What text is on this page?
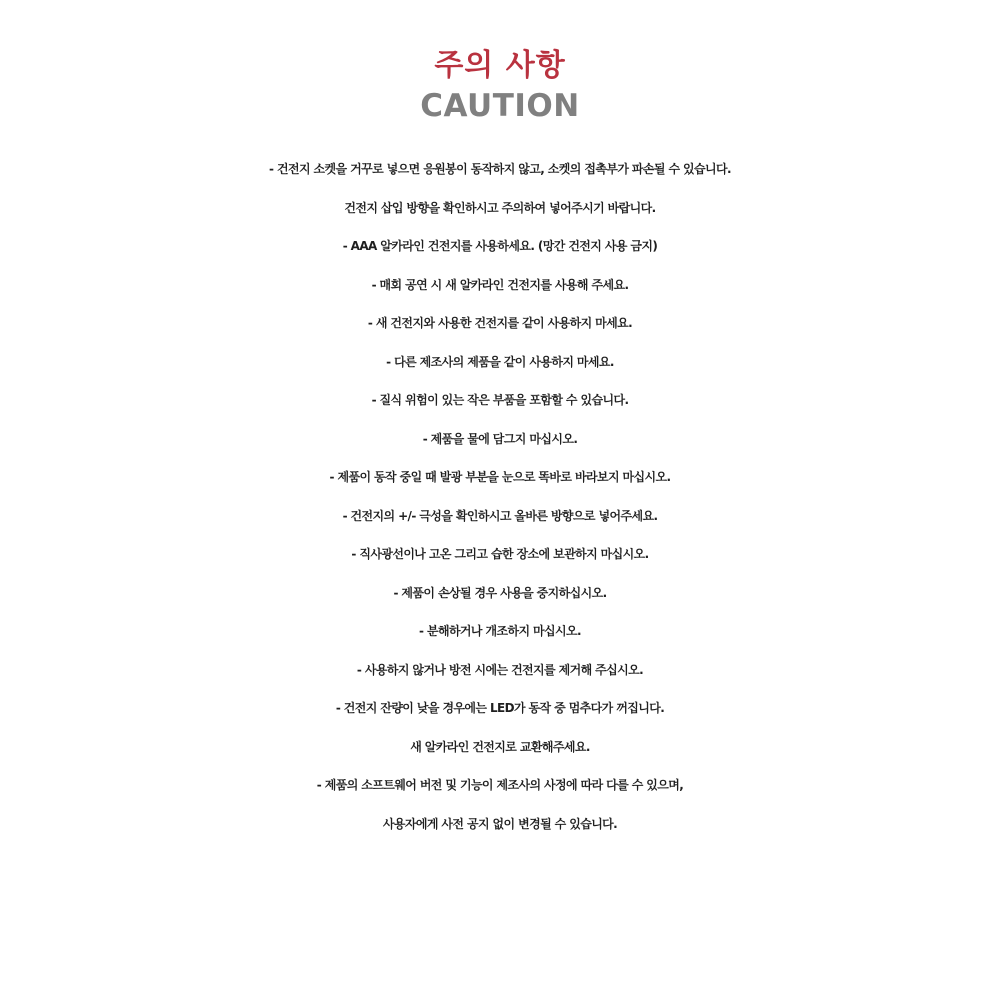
주의 사항
CAUTION
- 건전지 소켓을 거꾸로 넣으면 응원봉이 동작하지 않고, 소켓의 접촉부가 파손될 수 있습니다.
건전지 삽입 방향을 확인하시고 주의하여 넣어주시기 바랍니다.
- AAA 알카라인 건전지를 사용하세요. (망간 건전지 사용 금지)
- 매회 공연 시 새 알카라인 건전지를 사용해 주세요.
- 새 건전지와 사용한 건전지를 같이 사용하지 마세요.
- 다른 제조사의 제품을 같이 사용하지 마세요.
- 질식 위험이 있는 작은 부품을 포함할 수 있습니다.
- 제품을 물에 담그지 마십시오.
- 제품이 동작 중일 때 발광 부분을 눈으로 똑바로 바라보지 마십시오.
- 건전지의 +/- 극성을 확인하시고 올바른 방향으로 넣어주세요.
- 직사광선이나 고온 그리고 습한 장소에 보관하지 마십시오.
- 제품이 손상될 경우 사용을 중지하십시오.
- 분해하거나 개조하지 마십시오.
- 사용하지 않거나 방전 시에는 건전지를 제거해 주십시오.
- 건전지 잔량이 낮을 경우에는 LED가 동작 중 멈추다가 꺼집니다.
새 알카라인 건전지로 교환해주세요.
- 제품의 소프트웨어 버전 및 기능이 제조사의 사정에 따라 다를 수 있으며,
사용자에게 사전 공지 없이 변경될 수 있습니다.
